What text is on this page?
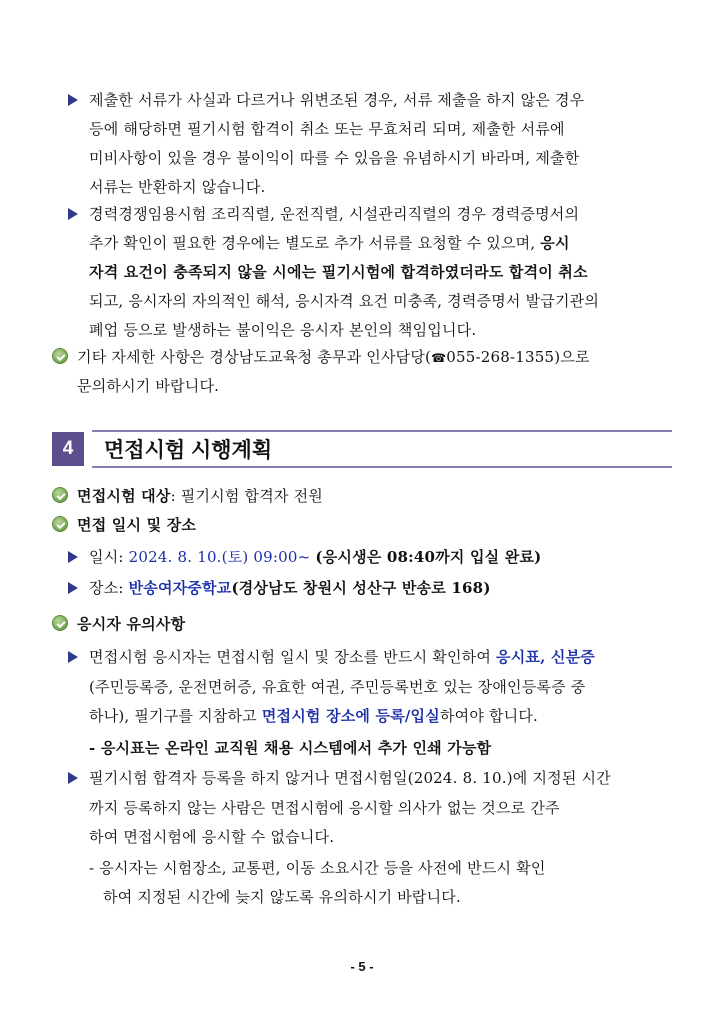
제출한 서류가 사실과 다르거나 위변조된 경우, 서류 제출을 하지 않은 경우
등에 해당하면 필기시험 합격이 취소 또는 무효처리 되며, 제출한 서류에
미비사항이 있을 경우 불이익이 따를 수 있음을 유념하시기 바라며, 제출한
서류는 반환하지 않습니다.
경력경쟁임용시험 조리직렬, 운전직렬, 시설관리직렬의 경우 경력증명서의
추가 확인이 필요한 경우에는 별도로 추가 서류를 요청할 수 있으며, 응시
자격 요건이 충족되지 않을 시에는 필기시험에 합격하였더라도 합격이 취소
되고, 응시자의 자의적인 해석, 응시자격 요건 미충족, 경력증명서 발급기관의
폐업 등으로 발생하는 불이익은 응시자 본인의 책임입니다.
기타 자세한 사항은 경상남도교육청 총무과 인사담당(☎055-268-1355)으로
문의하시기 바랍니다.
4	면접시험 시행계획
면접시험 대상: 필기시험 합격자 전원
면접 일시 및 장소
일시: 2024. 8. 10.(토) 09:00~ (응시생은 08:40까지 입실 완료)
장소: 반송여자중학교(경상남도 창원시 성산구 반송로 168)
응시자 유의사항
면접시험 응시자는 면접시험 일시 및 장소를 반드시 확인하여 응시표, 신분증
(주민등록증, 운전면허증, 유효한 여권, 주민등록번호 있는 장애인등록증 중
하나), 필기구를 지참하고 면접시험 장소에 등록/입실하여야 합니다.
- 응시표는 온라인 교직원 채용 시스템에서 추가 인쇄 가능함
필기시험 합격자 등록을 하지 않거나 면접시험일(2024. 8. 10.)에 지정된 시간
까지 등록하지 않는 사람은 면접시험에 응시할 의사가 없는 것으로 간주
하여 면접시험에 응시할 수 없습니다.
- 응시자는 시험장소, 교통편, 이동 소요시간 등을 사전에 반드시 확인
하여 지정된 시간에 늦지 않도록 유의하시기 바랍니다.
- 5 -
